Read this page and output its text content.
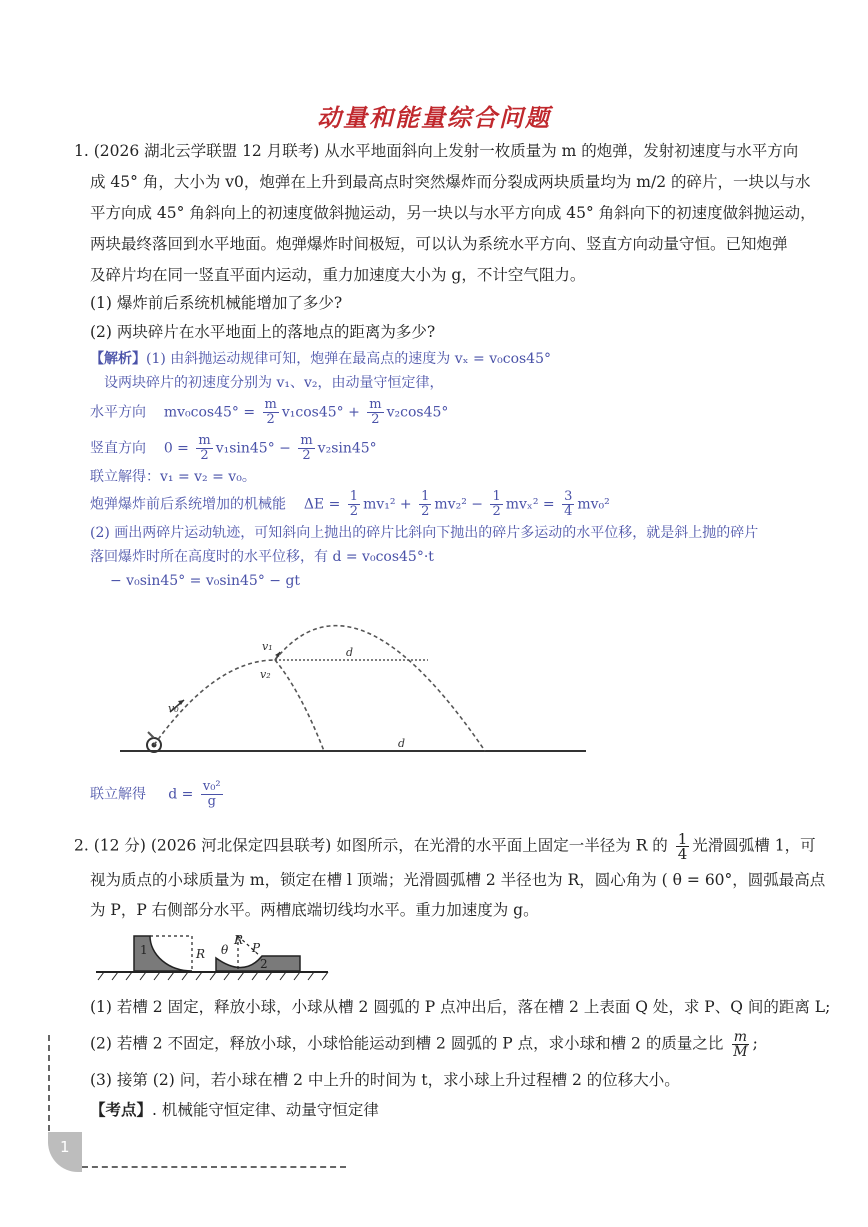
动量和能量综合问题
1. (2026 湖北云学联盟 12 月联考) 从水平地面斜向上发射一枚质量为 m 的炮弹，发射初速度与水平方向
成 45° 角，大小为 v0，炮弹在上升到最高点时突然爆炸而分裂成两块质量均为 m/2 的碎片，一块以与水
平方向成 45° 角斜向上的初速度做斜抛运动，另一块以与水平方向成 45° 角斜向下的初速度做斜抛运动，
两块最终落回到水平地面。炮弹爆炸时间极短，可以认为系统水平方向、竖直方向动量守恒。已知炮弹
及碎片均在同一竖直平面内运动，重力加速度大小为 g，不计空气阻力。
(1) 爆炸前后系统机械能增加了多少?
(2) 两块碎片在水平地面上的落地点的距离为多少?
【解析】(1) 由斜抛运动规律可知，炮弹在最高点的速度为 vₓ = v₀cos45°
设两块碎片的初速度分别为 v₁、v₂，由动量守恒定律，
水平方向 $mv_0\cos 45^\circ = \frac{m}{2} v_1\cos 45^\circ + \frac{m}{2} v_2\cos 45^\circ$
竖直方向 $0 = \frac{m}{2} v_1\sin 45^\circ - \frac{m}{2} v_2\sin 45^\circ$
联立解得：v₁ = v₂ = v₀。
炮弹爆炸前后系统增加的机械能 $\Delta E = \frac{1}{2} mv_1^2 + \frac{1}{2} mv_2^2 - \frac{1}{2} mv_x^2 = \frac{3}{4} mv_0^2$
(2) 画出两碎片运动轨迹，可知斜向上抛出的碎片比斜向下抛出的碎片多运动的水平位移，就是斜上抛的碎片
落回爆炸时所在高度时的水平位移，有 d = v₀cos45°·t
− v₀sin45° = v₀sin45° − gt
v₁
v₂
v₀
d
d
联立解得 $d = \frac{\text{v₀²}}{g}$
2. (12 分) (2026 河北保定四县联考) 如图所示，在光滑的水平面上固定一半径为 R 的 $\frac{1}{4}$ 光滑圆弧槽 1，可
视为质点的小球质量为 m，锁定在槽 l 顶端；光滑圆弧槽 2 半径也为 R，圆心角为 ( θ = 60°，圆弧最高点
为 P，P 右侧部分水平。两槽底端切线均水平。重力加速度为 g。
1	R θ
R
P
2
(1) 若槽 2 固定，释放小球，小球从槽 2 圆弧的 P 点冲出后，落在槽 2 上表面 Q 处，求 P、Q 间的距离 L;
(2) 若槽 2 不固定，释放小球，小球恰能运动到槽 2 圆弧的 P 点，求小球和槽 2 的质量之比 $\frac{m}{M}$ ;
(3) 接第 (2) 问，若小球在槽 2 中上升的时间为 t，求小球上升过程槽 2 的位移大小。
【考点】. 机械能守恒定律、动量守恒定律
1
